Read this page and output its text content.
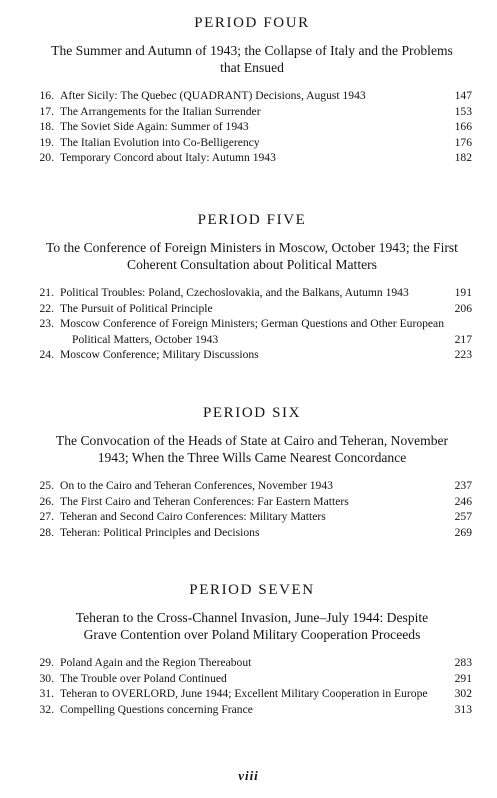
PERIOD FOUR

The Summer and Autumn of 1943; the Collapse of Italy and the Problems that Ensued

16. After Sicily: The Quebec (QUADRANT) Decisions, August 1943	147
17. The Arrangements for the Italian Surrender	153
18. The Soviet Side Again: Summer of 1943	166
19. The Italian Evolution into Co-Belligerency	176
20. Temporary Concord about Italy: Autumn 1943	182
PERIOD FIVE

To the Conference of Foreign Ministers in Moscow, October 1943; the First Coherent Consultation about Political Matters

21. Political Troubles: Poland, Czechoslovakia, and the Balkans, Autumn 1943	191
22. The Pursuit of Political Principle	206
23. Moscow Conference of Foreign Ministers; German Questions and Other European Political Matters, October 1943	217
24. Moscow Conference; Military Discussions	223
PERIOD SIX

The Convocation of the Heads of State at Cairo and Teheran, November 1943; When the Three Wills Came Nearest Concordance

25. On to the Cairo and Teheran Conferences, November 1943	237
26. The First Cairo and Teheran Conferences: Far Eastern Matters	246
27. Teheran and Second Cairo Conferences: Military Matters	257
28. Teheran: Political Principles and Decisions	269
PERIOD SEVEN

Teheran to the Cross-Channel Invasion, June–July 1944: Despite Grave Contention over Poland Military Cooperation Proceeds

29. Poland Again and the Region Thereabout	283
30. The Trouble over Poland Continued	291
31. Teheran to OVERLORD, June 1944; Excellent Military Cooperation in Europe	302
32. Compelling Questions concerning France	313
viii
